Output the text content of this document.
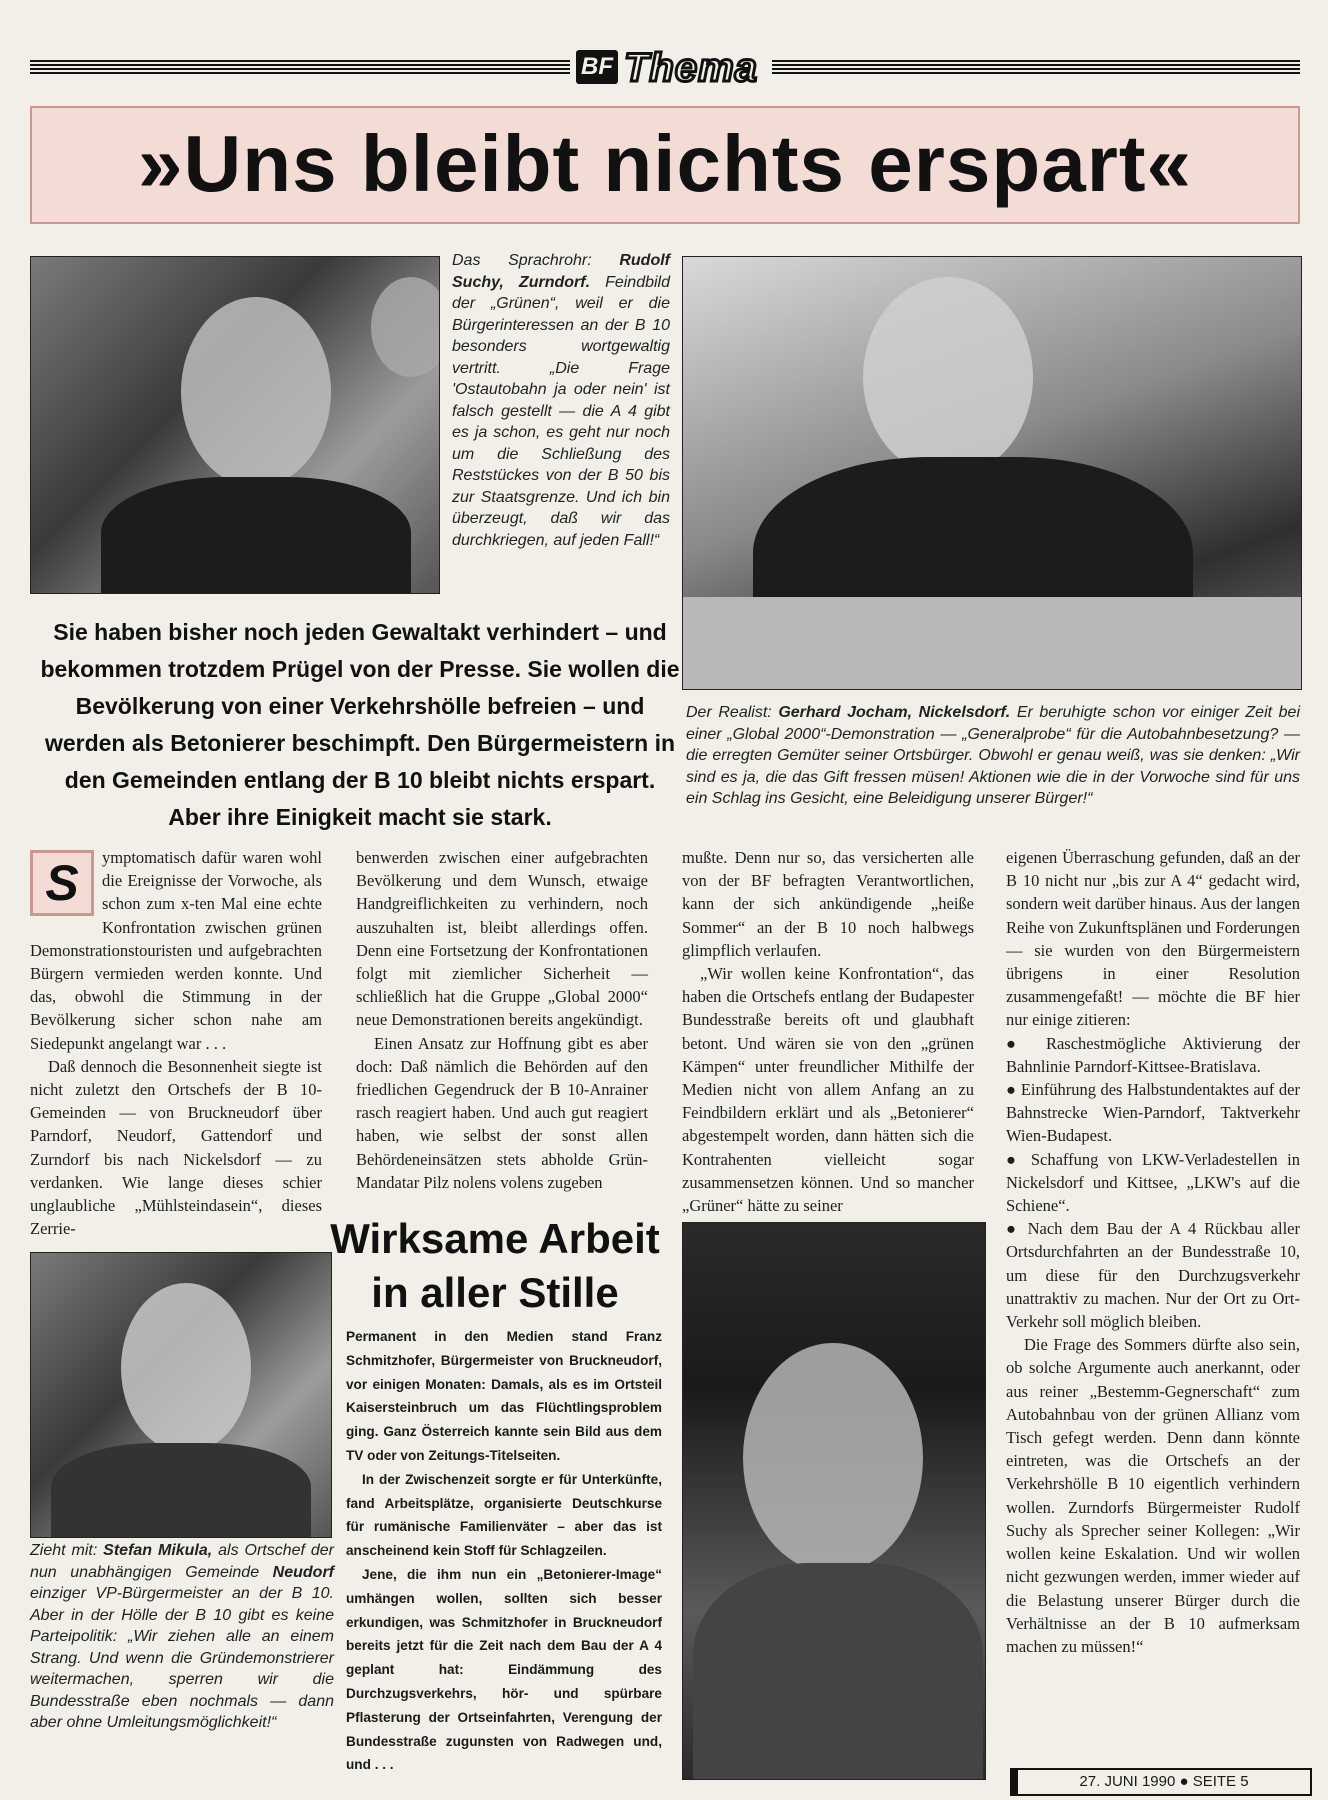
BF Thema
»Uns bleibt nichts erspart«
Das Sprachrohr: Rudolf Suchy, Zurndorf. Feindbild der „Grünen“, weil er die Bürgerinteressen an der B 10 besonders wortgewaltig vertritt. „Die Frage 'Ostautobahn ja oder nein' ist falsch gestellt — die A 4 gibt es ja schon, es geht nur noch um die Schließung des Reststückes von der B 50 bis zur Staatsgrenze. Und ich bin überzeugt, daß wir das durchkriegen, auf jeden Fall!“
Der Realist: Gerhard Jocham, Nickelsdorf. Er beruhigte schon vor einiger Zeit bei einer „Global 2000“-Demonstration — „Generalprobe“ für die Autobahnbesetzung? — die erregten Gemüter seiner Ortsbürger. Obwohl er genau weiß, was sie denken: „Wir sind es ja, die das Gift fressen müsen! Aktionen wie die in der Vorwoche sind für uns ein Schlag ins Gesicht, eine Beleidigung unserer Bürger!“
Sie haben bisher noch jeden Gewaltakt verhindert – und bekommen trotzdem Prügel von der Presse. Sie wollen die Bevölkerung von einer Verkehrshölle befreien – und werden als Betonierer beschimpft. Den Bürgermeistern in den Gemeinden entlang der B 10 bleibt nichts erspart. Aber ihre Einigkeit macht sie stark.
S	ymptomatisch dafür waren wohl die Ereignisse der Vorwoche, als schon zum x-ten Mal eine echte Konfrontation zwischen grünen Demonstrationstouristen und aufgebrachten Bürgern vermieden werden konnte. Und das, obwohl die Stimmung in der Bevölkerung sicher schon nahe am Siedepunkt angelangt war . . .

Daß dennoch die Besonnenheit siegte ist nicht zuletzt den Ortschefs der B 10-Gemeinden — von Bruckneudorf über Parndorf, Neudorf, Gattendorf und Zurndorf bis nach Nickelsdorf — zu verdanken. Wie lange dieses schier unglaubliche „Mühlsteindasein“, dieses Zerrie-

benwerden zwischen einer aufgebrachten Bevölkerung und dem Wunsch, etwaige Handgreiflichkeiten zu verhindern, noch auszuhalten ist, bleibt allerdings offen. Denn eine Fortsetzung der Konfrontationen folgt mit ziemlicher Sicherheit — schließlich hat die Gruppe „Global 2000“ neue Demonstrationen bereits angekündigt.

Einen Ansatz zur Hoffnung gibt es aber doch: Daß nämlich die Behörden auf den friedlichen Gegendruck der B 10-Anrainer rasch reagiert haben. Und auch gut reagiert haben, wie selbst der sonst allen Behördeneinsätzen stets abholde Grün-Mandatar Pilz nolens volens zugeben

mußte. Denn nur so, das versicherten alle von der BF befragten Verantwortlichen, kann der sich ankündigende „heiße Sommer“ an der B 10 noch halbwegs glimpflich verlaufen.

„Wir wollen keine Konfrontation“, das haben die Ortschefs entlang der Budapester Bundesstraße bereits oft und glaubhaft betont. Und wären sie von den „grünen Kämpen“ unter freundlicher Mithilfe der Medien nicht von allem Anfang an zu Feindbildern erklärt und als „Betonierer“ abgestempelt worden, dann hätten sich die Kontrahenten vielleicht sogar zusammensetzen können. Und so mancher „Grüner“ hätte zu seiner

eigenen Überraschung gefunden, daß an der B 10 nicht nur „bis zur A 4“ gedacht wird, sondern weit darüber hinaus. Aus der langen Reihe von Zukunftsplänen und Forderungen — sie wurden von den Bürgermeistern übrigens in einer Resolution zusammengefaßt! — möchte die BF hier nur einige zitieren:

● Raschestmögliche Aktivierung der Bahnlinie Parndorf-Kittsee-Bratislava.

● Einführung des Halbstundentaktes auf der Bahnstrecke Wien-Parndorf, Taktverkehr Wien-Budapest.

● Schaffung von LKW-Verladestellen in Nickelsdorf und Kittsee, „LKW's auf die Schiene“.

● Nach dem Bau der A 4 Rückbau aller Ortsdurchfahrten an der Bundesstraße 10, um diese für den Durchzugsverkehr unattraktiv zu machen. Nur der Ort zu Ort-Verkehr soll möglich bleiben.

Die Frage des Sommers dürfte also sein, ob solche Argumente auch anerkannt, oder aus reiner „Bestemm-Gegnerschaft“ zum Autobahnbau von der grünen Allianz vom Tisch gefegt werden. Denn dann könnte eintreten, was die Ortschefs an der Verkehrshölle B 10 eigentlich verhindern wollen. Zurndorfs Bürgermeister Rudolf Suchy als Sprecher seiner Kollegen: „Wir wollen keine Eskalation. Und wir wollen nicht gezwungen werden, immer wieder auf die Belastung unserer Bürger durch die Verhältnisse an der B 10 aufmerksam machen zu müssen!“

Zieht mit: Stefan Mikula, als Ortschef der nun unabhängigen Gemeinde Neudorf einziger VP-Bürgermeister an der B 10. Aber in der Hölle der B 10 gibt es keine Parteipolitik: „Wir ziehen alle an einem Strang. Und wenn die Gründemonstrierer weitermachen, sperren wir die Bundesstraße eben nochmals — dann aber ohne Umleitungsmöglichkeit!“
Wirksame Arbeit in aller Stille

Permanent in den Medien stand Franz Schmitzhofer, Bürgermeister von Bruckneudorf, vor einigen Monaten: Damals, als es im Ortsteil Kaisersteinbruch um das Flüchtlingsproblem ging. Ganz Österreich kannte sein Bild aus dem TV oder von Zeitungs-Titelseiten.

In der Zwischenzeit sorgte er für Unterkünfte, fand Arbeitsplätze, organisierte Deutschkurse für rumänische Familienväter – aber das ist anscheinend kein Stoff für Schlagzeilen.

Jene, die ihm nun ein „Betonierer-Image“ umhängen wollen, sollten sich besser erkundigen, was Schmitzhofer in Bruckneudorf bereits jetzt für die Zeit nach dem Bau der A 4 geplant hat: Eindämmung des Durchzugsverkehrs, hör- und spürbare Pflasterung der Ortseinfahrten, Verengung der Bundesstraße zugunsten von Radwegen und, und . . .

27. JUNI 1990 ● SEITE 5
